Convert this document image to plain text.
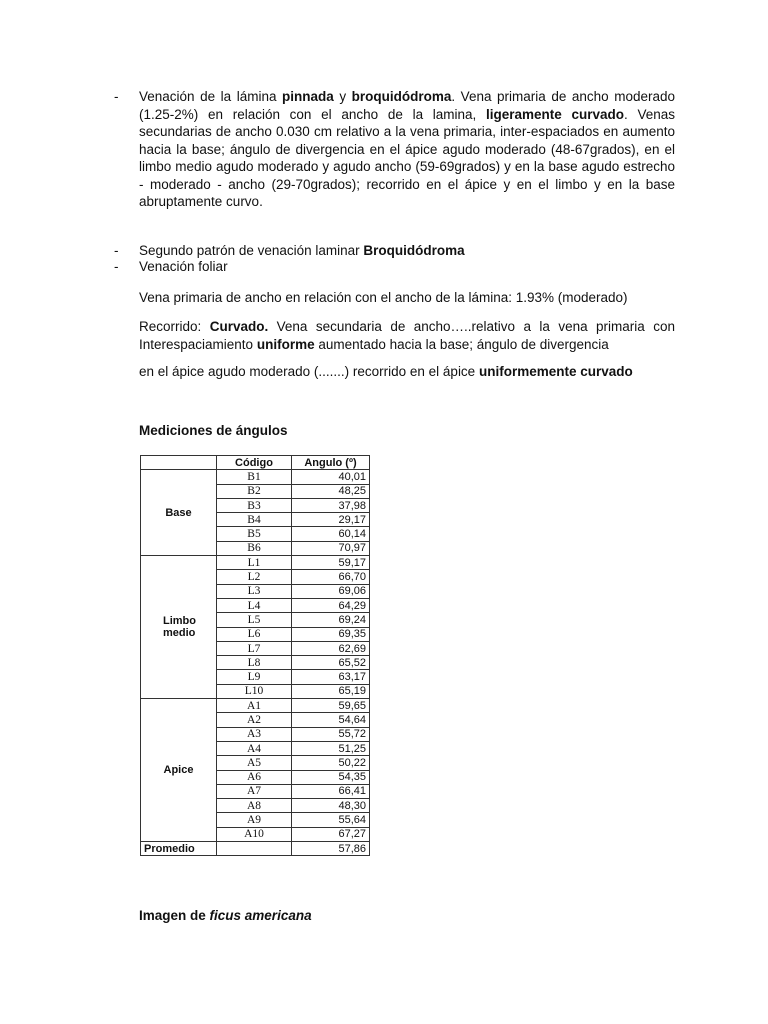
- Venación de la lámina pinnada y broquidódroma. Vena primaria de ancho moderado (1.25-2%) en relación con el ancho de la lamina, ligeramente curvado. Venas secundarias de ancho 0.030 cm relativo a la vena primaria, inter-espaciados en aumento hacia la base; ángulo de divergencia en el ápice agudo moderado (48-67grados), en el limbo medio agudo moderado y agudo ancho (59-69grados) y en la base agudo estrecho - moderado - ancho (29-70grados); recorrido en el ápice y en el limbo y en la base abruptamente curvo.

- Segundo patrón de venación laminar Broquidódroma

- Venación foliar

Vena primaria de ancho en relación con el ancho de la lámina: 1.93% (moderado)

Recorrido: Curvado. Vena secundaria de ancho…..relativo a la vena primaria con Interespaciamiento uniforme aumentado hacia la base; ángulo de divergencia

en el ápice agudo moderado (.......) recorrido en el ápice uniformemente curvado

Mediciones de ángulos

	Código	Angulo (º)
Base	B1	40,01
	B2	48,25
	B3	37,98
	B4	29,17
	B5	60,14
	B6	70,97
Limbo medio	L1	59,17
	L2	66,70
	L3	69,06
	L4	64,29
	L5	69,24
	L6	69,35
	L7	62,69
	L8	65,52
	L9	63,17
	L10	65,19
Apice	A1	59,65
	A2	54,64
	A3	55,72
	A4	51,25
	A5	50,22
	A6	54,35
	A7	66,41
	A8	48,30
	A9	55,64
	A10	67,27
Promedio		57,86

Imagen de ficus americana
